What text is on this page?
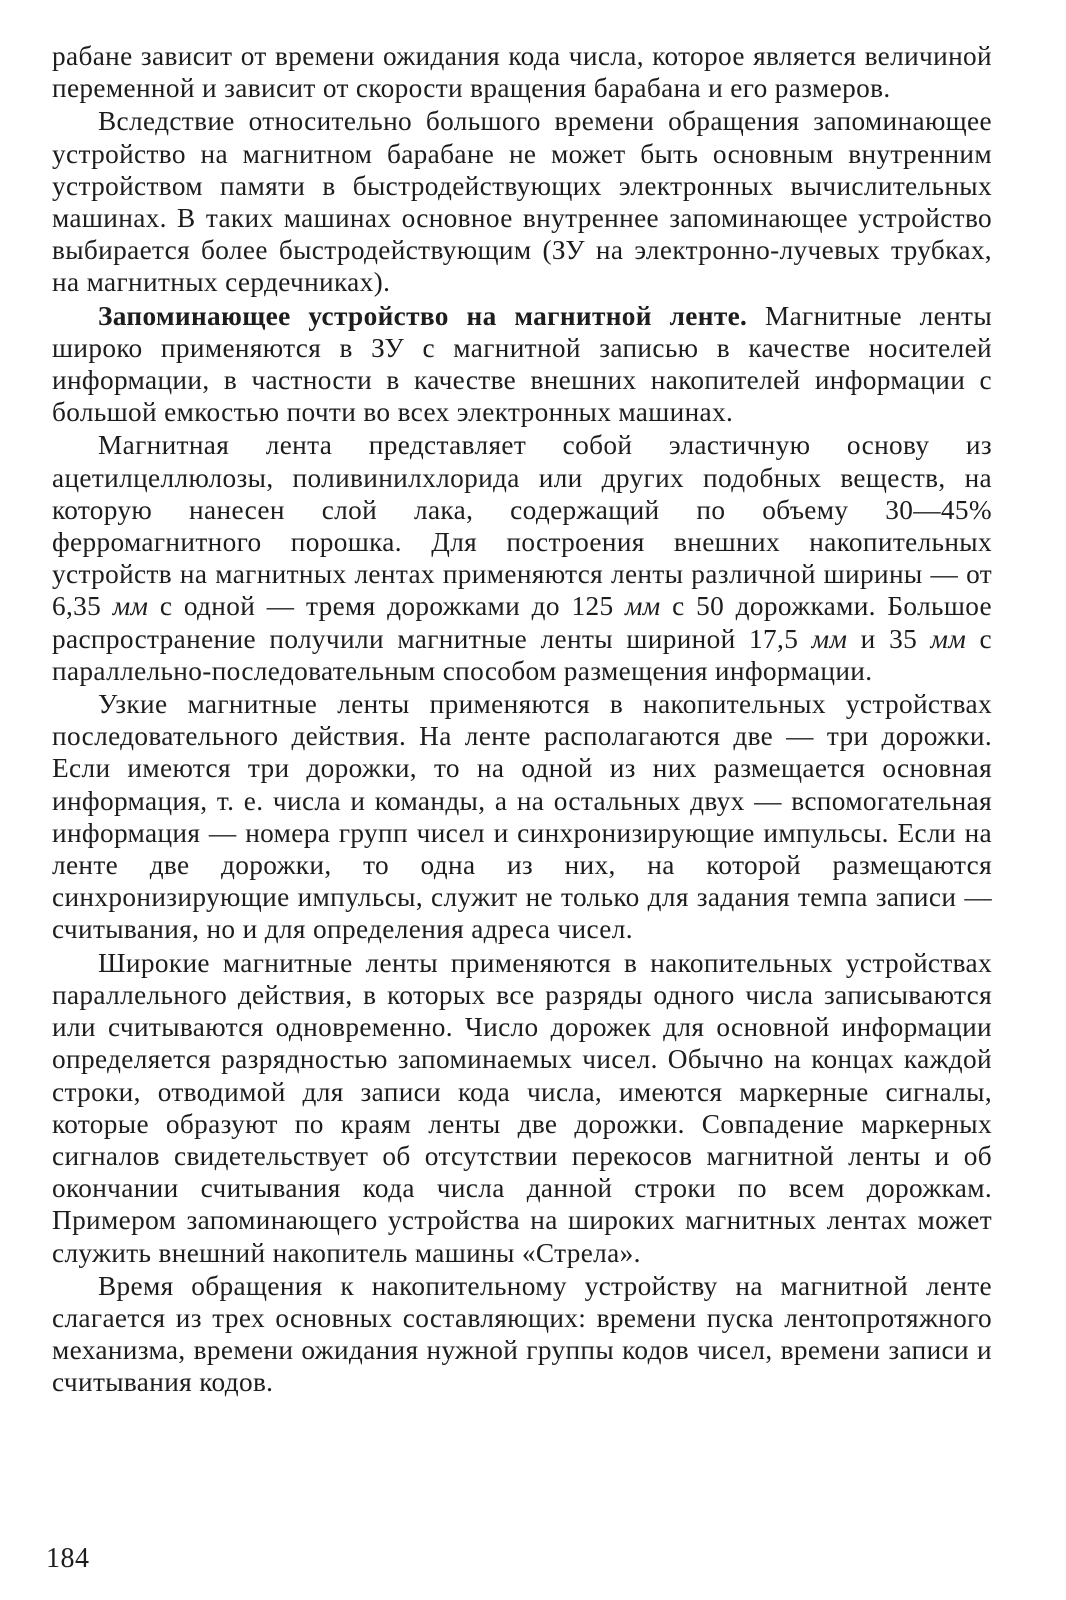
рабане зависит от времени ожидания кода числа, которое является величиной переменной и зависит от скорости вращения барабана и его размеров.

Вследствие относительно большого времени обращения запоминающее устройство на магнитном барабане не может быть основным внутренним устройством памяти в быстродействующих электронных вычислительных машинах. В таких машинах основное внутреннее запоминающее устройство выбирается более быстродействующим (ЗУ на электронно-лучевых трубках, на магнитных сердечниках).

Запоминающее устройство на магнитной ленте. Магнитные ленты широко применяются в ЗУ с магнитной записью в качестве носителей информации, в частности в качестве внешних накопителей информации с большой емкостью почти во всех электронных машинах.

Магнитная лента представляет собой эластичную основу из ацетилцеллюлозы, поливинилхлорида или других подобных веществ, на которую нанесен слой лака, содержащий по объему 30—45% ферромагнитного порошка. Для построения внешних накопительных устройств на магнитных лентах применяются ленты различной ширины — от 6,35 мм с одной — тремя дорожками до 125 мм с 50 дорожками. Большое распространение получили магнитные ленты шириной 17,5 мм и 35 мм с параллельно-последовательным способом размещения информации.

Узкие магнитные ленты применяются в накопительных устройствах последовательного действия. На ленте располагаются две — три дорожки. Если имеются три дорожки, то на одной из них размещается основная информация, т. е. числа и команды, а на остальных двух — вспомогательная информация — номера групп чисел и синхронизирующие импульсы. Если на ленте две дорожки, то одна из них, на которой размещаются синхронизирующие импульсы, служит не только для задания темпа записи — считывания, но и для определения адреса чисел.

Широкие магнитные ленты применяются в накопительных устройствах параллельного действия, в которых все разряды одного числа записываются или считываются одновременно. Число дорожек для основной информации определяется разрядностью запоминаемых чисел. Обычно на концах каждой строки, отводимой для записи кода числа, имеются маркерные сигналы, которые образуют по краям ленты две дорожки. Совпадение маркерных сигналов свидетельствует об отсутствии перекосов магнитной ленты и об окончании считывания кода числа данной строки по всем дорожкам. Примером запоминающего устройства на широких магнитных лентах может служить внешний накопитель машины «Стрела».

Время обращения к накопительному устройству на магнитной ленте слагается из трех основных составляющих: времени пуска лентопротяжного механизма, времени ожидания нужной группы кодов чисел, времени записи и считывания кодов.

184
